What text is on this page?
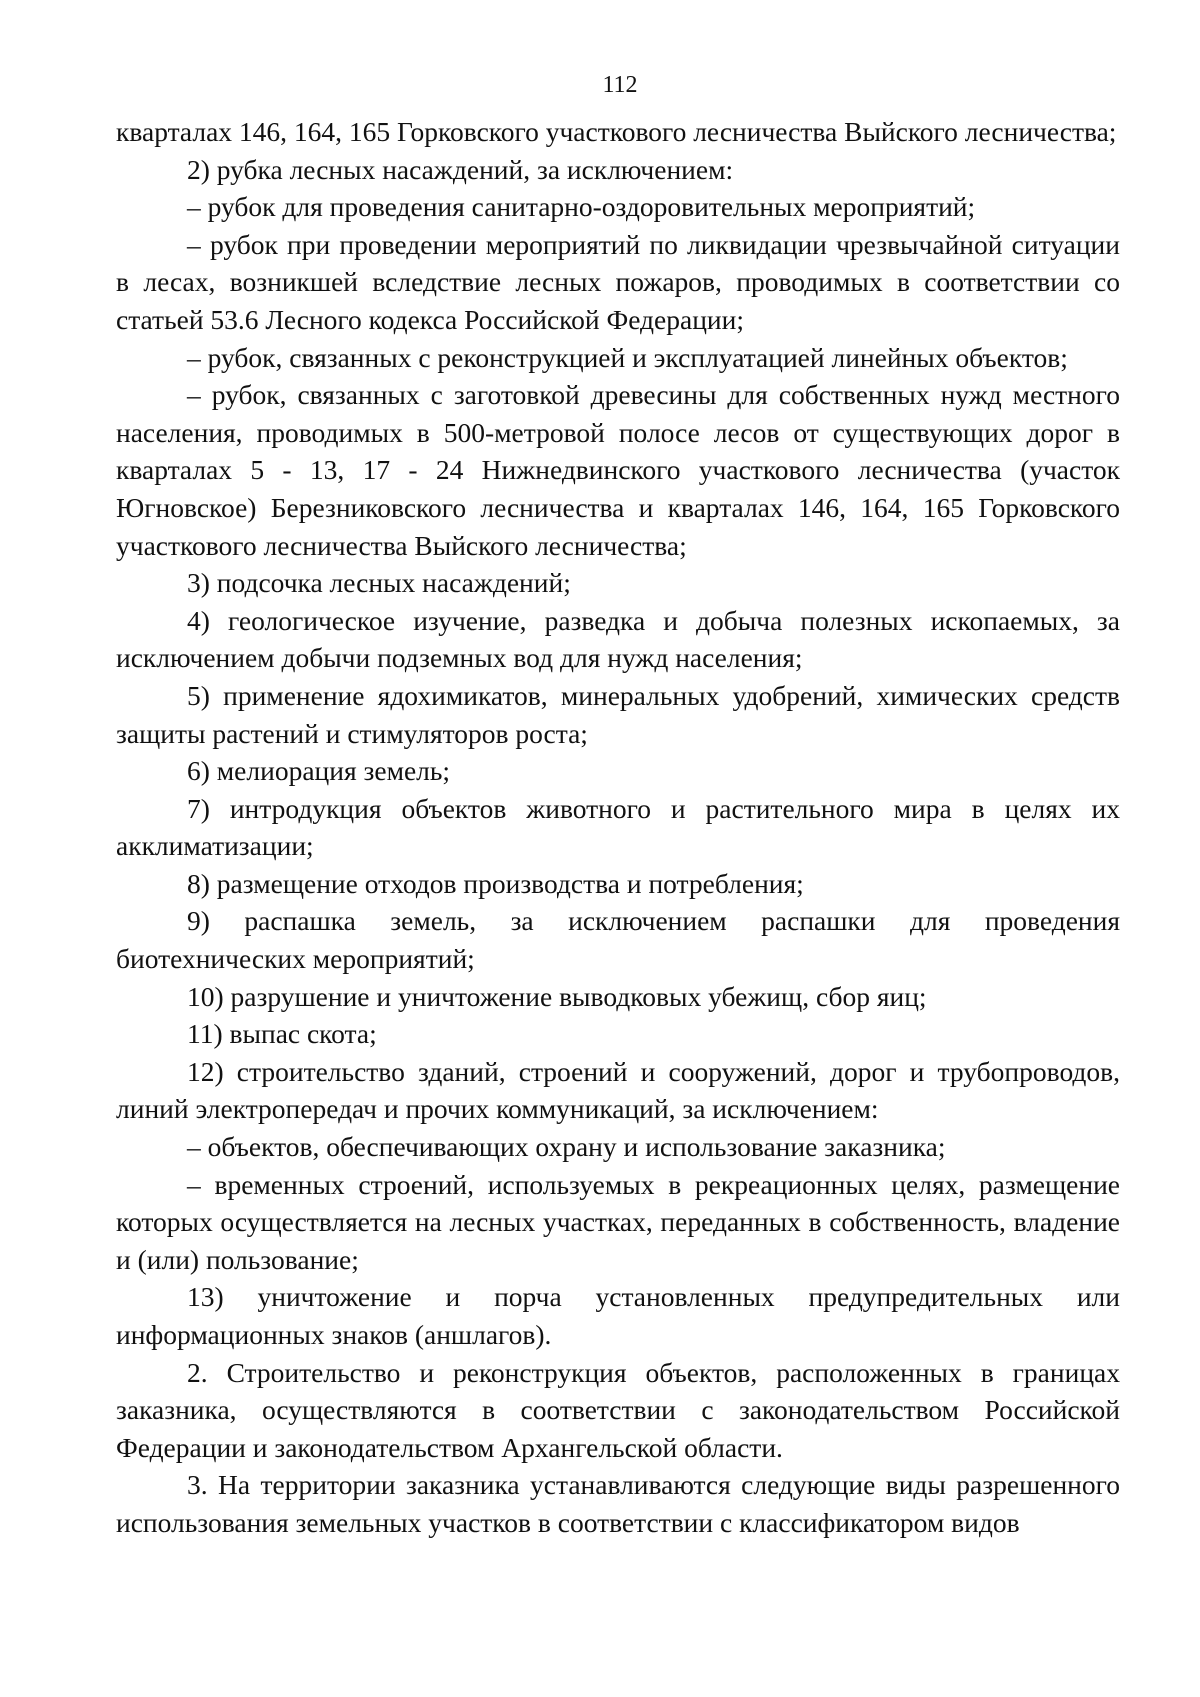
112

кварталах 146, 164, 165 Горковского участкового лесничества Выйского лесничества;

2) рубка лесных насаждений, за исключением:

– рубок для проведения санитарно-оздоровительных мероприятий;

– рубок при проведении мероприятий по ликвидации чрезвычайной ситуации в лесах, возникшей вследствие лесных пожаров, проводимых в соответствии со статьей 53.6 Лесного кодекса Российской Федерации;

– рубок, связанных с реконструкцией и эксплуатацией линейных объектов;

– рубок, связанных с заготовкой древесины для собственных нужд местного населения, проводимых в 500-метровой полосе лесов от существующих дорог в кварталах 5 - 13, 17 - 24 Нижнедвинского участкового лесничества (участок Югновское) Березниковского лесничества и кварталах 146, 164, 165 Горковского участкового лесничества Выйского лесничества;

3) подсочка лесных насаждений;

4) геологическое изучение, разведка и добыча полезных ископаемых, за исключением добычи подземных вод для нужд населения;

5) применение ядохимикатов, минеральных удобрений, химических средств защиты растений и стимуляторов роста;

6) мелиорация земель;

7) интродукция объектов животного и растительного мира в целях их акклиматизации;

8) размещение отходов производства и потребления;

9) распашка земель, за исключением распашки для проведения биотехнических мероприятий;

10) разрушение и уничтожение выводковых убежищ, сбор яиц;

11) выпас скота;

12) строительство зданий, строений и сооружений, дорог и трубопроводов, линий электропередач и прочих коммуникаций, за исключением:

– объектов, обеспечивающих охрану и использование заказника;

– временных строений, используемых в рекреационных целях, размещение которых осуществляется на лесных участках, переданных в собственность, владение и (или) пользование;

13) уничтожение и порча установленных предупредительных или информационных знаков (аншлагов).

2. Строительство и реконструкция объектов, расположенных в границах заказника, осуществляются в соответствии с законодательством Российской Федерации и законодательством Архангельской области.

3. На территории заказника устанавливаются следующие виды разрешенного использования земельных участков в соответствии с классификатором видов
